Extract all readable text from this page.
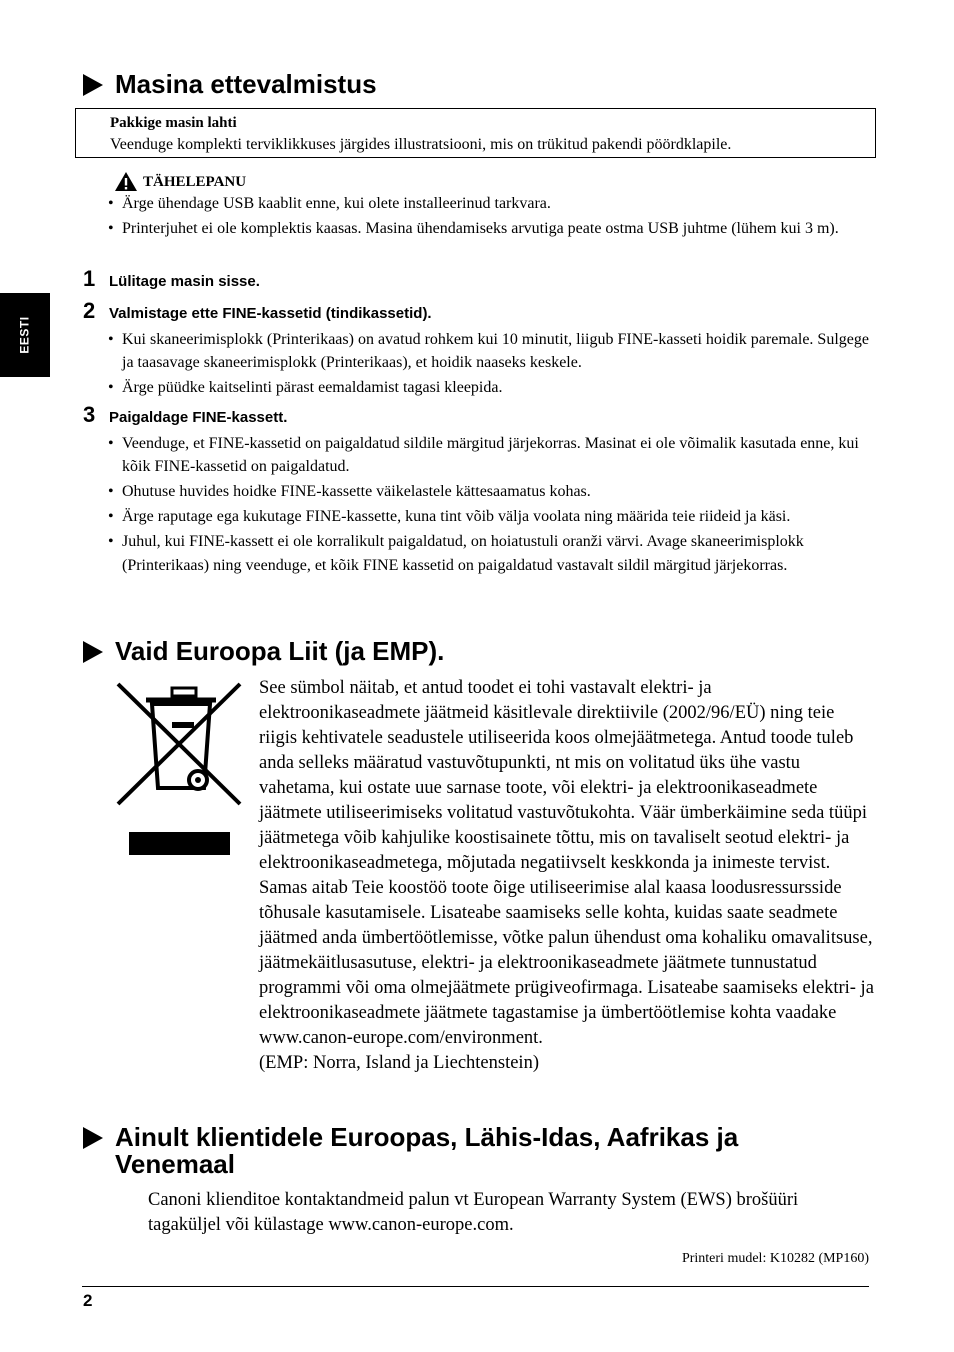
EESTI
Masina ettevalmistus
Pakkige masin lahti
Veenduge komplekti terviklikkuses järgides illustratsiooni, mis on trükitud pakendi pöördklapile.
TÄHELEPANU
• Ärge ühendage USB kaablit enne, kui olete installeerinud tarkvara.
• Printerjuhet ei ole komplektis kaasas. Masina ühendamiseks arvutiga peate ostma USB juhtme (lühem kui 3 m).
1 Lülitage masin sisse.
2 Valmistage ette FINE-kassetid (tindikassetid).
• Kui skaneerimisplokk (Printerikaas) on avatud rohkem kui 10 minutit, liigub FINE-kasseti hoidik paremale. Sulgege ja taasavage skaneerimisplokk (Printerikaas), et hoidik naaseks keskele.
• Ärge püüdke kaitselinti pärast eemaldamist tagasi kleepida.
3 Paigaldage FINE-kassett.
• Veenduge, et FINE-kassetid on paigaldatud sildile märgitud järjekorras. Masinat ei ole võimalik kasutada enne, kui kõik FINE-kassetid on paigaldatud.
• Ohutuse huvides hoidke FINE-kassette väikelastele kättesaamatus kohas.
• Ärge raputage ega kukutage FINE-kassette, kuna tint võib välja voolata ning määrida teie riideid ja käsi.
• Juhul, kui FINE-kassett ei ole korralikult paigaldatud, on hoiatustuli oranži värvi. Avage skaneerimisplokk (Printerikaas) ning veenduge, et kõik FINE kassetid on paigaldatud vastavalt sildil märgitud järjekorras.
Vaid Euroopa Liit (ja EMP).
See sümbol näitab, et antud toodet ei tohi vastavalt elektri- ja elektroonikaseadmete jäätmeid käsitlevale direktiivile (2002/96/EÜ) ning teie riigis kehtivatele seadustele utiliseerida koos olmejäätmetega. Antud toode tuleb anda selleks määratud vastuvõtupunkti, nt mis on volitatud üks ühe vastu vahetama, kui ostate uue sarnase toote, või elektri- ja elektroonikaseadmete jäätmete utiliseerimiseks volitatud vastuvõtukohta. Väär ümberkäimine seda tüüpi jäätmetega võib kahjulike koostisainete tõttu, mis on tavaliselt seotud elektri- ja elektroonikaseadmetega, mõjutada negatiivselt keskkonda ja inimeste tervist. Samas aitab Teie koostöö toote õige utiliseerimise alal kaasa loodusressursside tõhusale kasutamisele. Lisateabe saamiseks selle kohta, kuidas saate seadmete jäätmed anda ümbertöötlemisse, võtke palun ühendust oma kohaliku omavalitsuse, jäätmekäitlusasutuse, elektri- ja elektroonikaseadmete jäätmete tunnustatud programmi või oma olmejäätmete prügiveofirmaga. Lisateabe saamiseks elektri- ja elektroonikaseadmete jäätmete tagastamise ja ümbertöötlemise kohta vaadake www.canon-europe.com/environment.
(EMP: Norra, Island ja Liechtenstein)
Ainult klientidele Euroopas, Lähis-Idas, Aafrikas ja Venemaal
Canoni klienditoe kontaktandmeid palun vt European Warranty System (EWS) brošüüri tagaküljel või külastage www.canon-europe.com.
Printeri mudel: K10282 (MP160)
2
